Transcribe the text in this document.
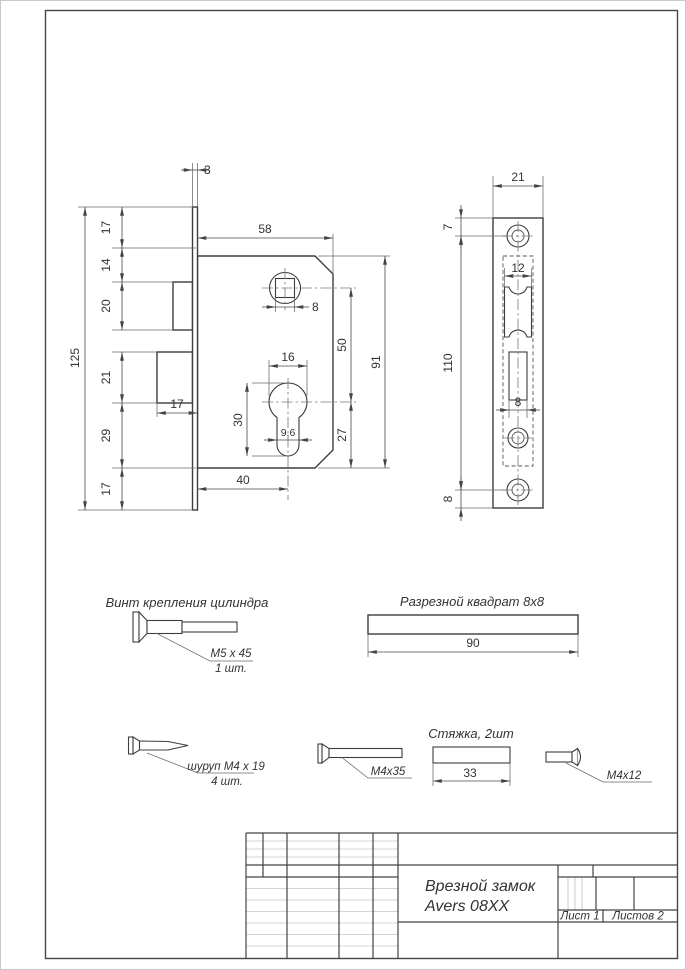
3
58
125
17
14
20
21
29
17
17
8
16
30
9,6
40
50
27
91
21
7
12
8
110
8
Винт крепления цилиндра
M5 x 45
1 шт.
Разрезной квадрат 8x8
90
шуруп M4 x 19
4 шт.
M4x35
Стяжка, 2шт
33	M4x12
Врезной замок
Avers 08XX
Лист 1 Листов 2
